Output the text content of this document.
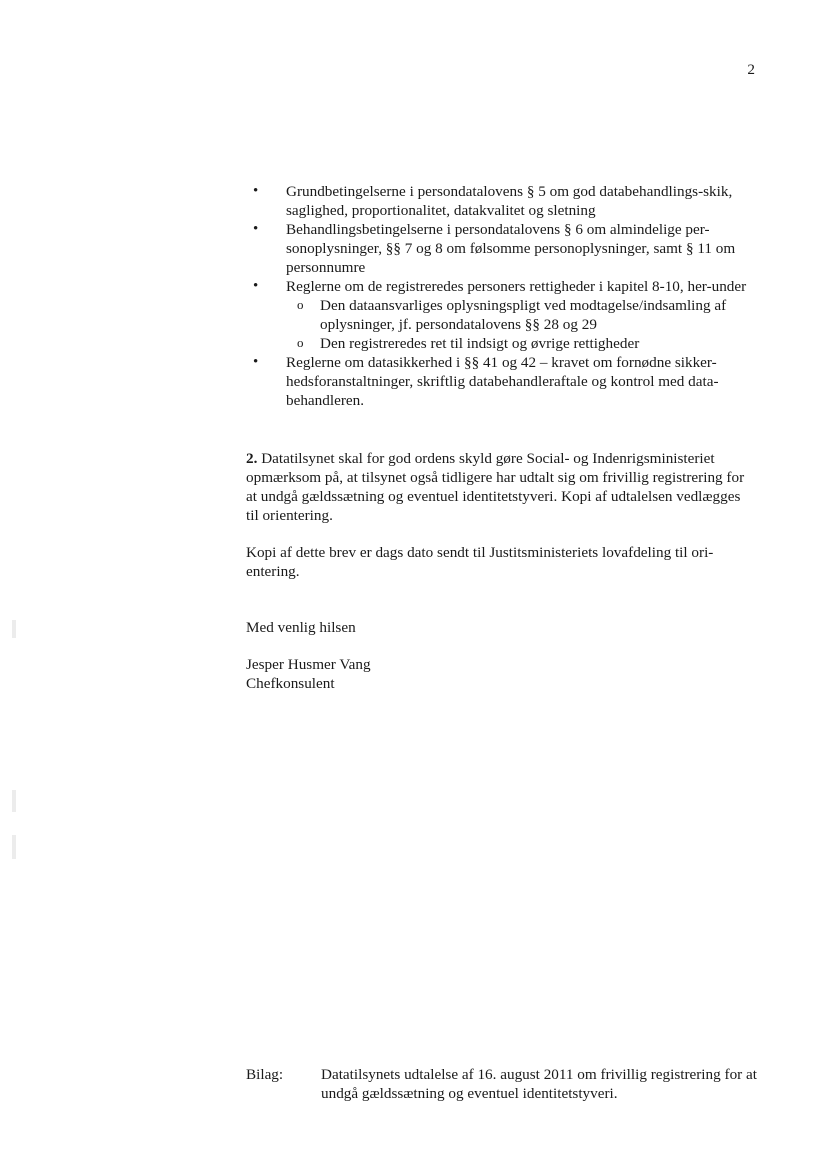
2
• Grundbetingelserne i persondatalovens § 5 om god databehandlings-skik, saglighed, proportionalitet, datakvalitet og sletning
• Behandlingsbetingelserne i persondatalovens § 6 om almindelige per-sonoplysninger, §§ 7 og 8 om følsomme personoplysninger, samt § 11 om personnumre
• Reglerne om de registreredes personers rettigheder i kapitel 8-10, her-under
o Den dataansvarliges oplysningspligt ved modtagelse/indsamling af oplysninger, jf. persondatalovens §§ 28 og 29
o Den registreredes ret til indsigt og øvrige rettigheder
• Reglerne om datasikkerhed i §§ 41 og 42 – kravet om fornødne sikker-hedsforanstaltninger, skriftlig databehandleraftale og kontrol med data-behandleren.

2. Datatilsynet skal for god ordens skyld gøre Social- og Indenrigsministeriet opmærksom på, at tilsynet også tidligere har udtalt sig om frivillig registrering for at undgå gældssætning og eventuel identitetstyveri. Kopi af udtalelsen vedlægges til orientering.

Kopi af dette brev er dags dato sendt til Justitsministeriets lovafdeling til ori-entering.

Med venlig hilsen

Jesper Husmer Vang

Chefkonsulent

Bilag: Datatilsynets udtalelse af 16. august 2011 om frivillig registrering for at undgå gældssætning og eventuel identitetstyveri.
